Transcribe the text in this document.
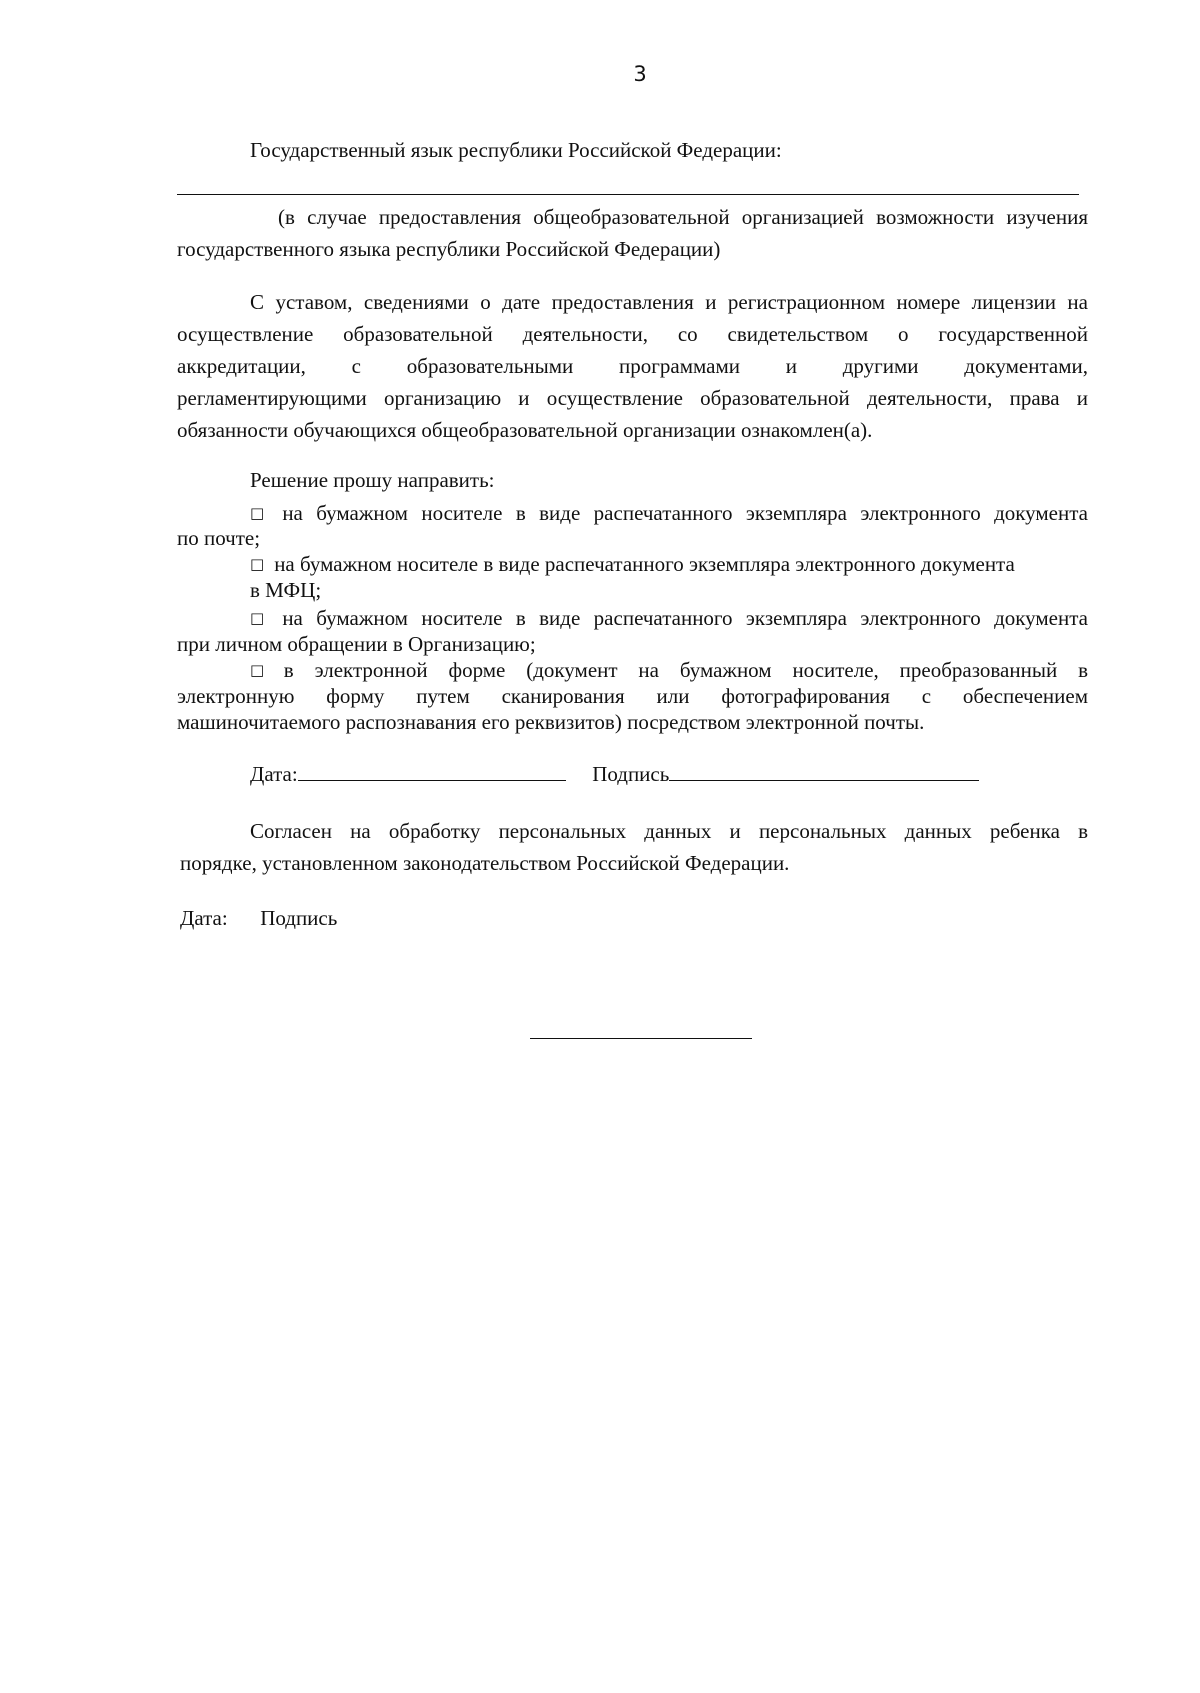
3
Государственный язык республики Российской Федерации:
(в случае предоставления общеобразовательной организацией возможности изучения
государственного языка республики Российской Федерации)
С уставом, сведениями о дате предоставления и регистрационном номере лицензии на
осуществление образовательной деятельности, со свидетельством о государственной
аккредитации, с образовательными программами и другими документами,
регламентирующими организацию и осуществление образовательной деятельности, права и
обязанности обучающихся общеобразовательной организации ознакомлен(а).
Решение прошу направить:
□ на бумажном носителе в виде распечатанного экземпляра электронного документа
по почте;
□ на бумажном носителе в виде распечатанного экземпляра электронного документа
в МФЦ;
□ на бумажном носителе в виде распечатанного экземпляра электронного документа
при личном обращении в Организацию;
□ в электронной форме (документ на бумажном носителе, преобразованный в
электронную форму путем сканирования или фотографирования с обеспечением
машиночитаемого распознавания его реквизитов) посредством электронной почты.
Дата:	Подпись
Согласен на обработку персональных данных и персональных данных ребенка в
порядке, установленном законодательством Российской Федерации.
Дата: Подпись
